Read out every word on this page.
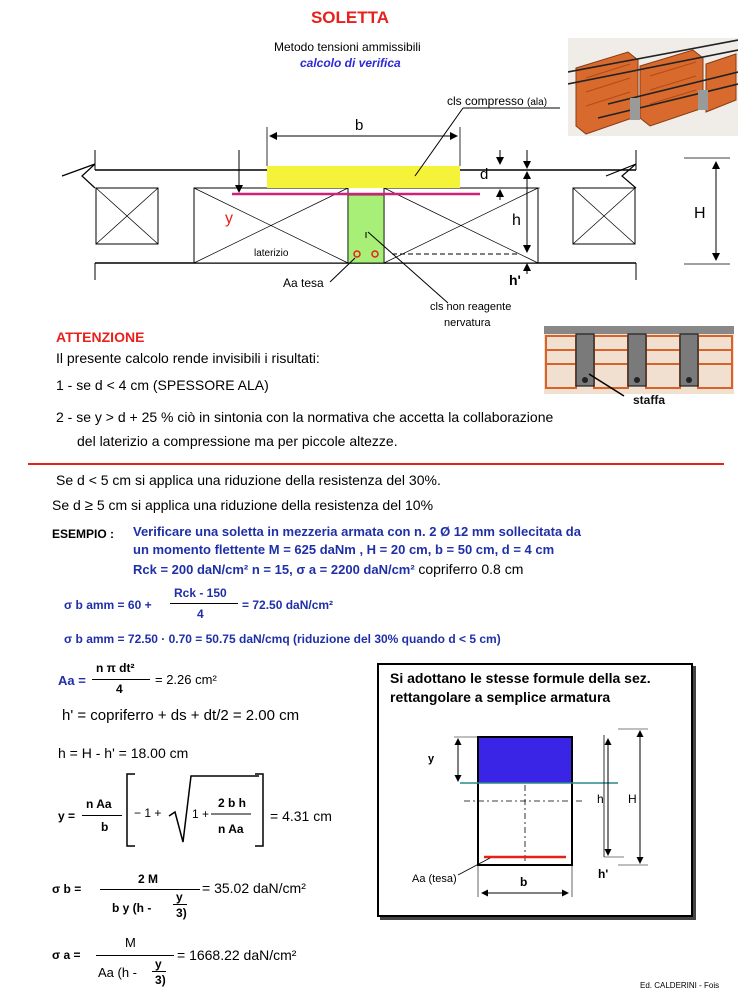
SOLETTA
Metodo tensioni ammissibili
calcolo di verifica
cls compresso (ala)
b
d
y	h	H
h'
laterizio
Aa tesa
cls non reagente
nervatura
staffa
ATTENZIONE
Il presente calcolo rende invisibili i risultati:
1 - se d < 4 cm (SPESSORE ALA)
2 - se y > d + 25 % ciò in sintonia con la normativa che accetta la collaborazione
del laterizio a compressione ma per piccole altezze.
Se d < 5 cm si applica una riduzione della resistenza del 30%.
Se d ≥ 5 cm si applica una riduzione della resistenza del 10%
ESEMPIO : Verificare una soletta in mezzeria armata con n. 2 Ø 12 mm sollecitata da
un momento flettente M = 625 daNm , H = 20 cm, b = 50 cm, d = 4 cm
Rck = 200 daN/cm² n = 15, σ a = 2200 daN/cm² copriferro 0.8 cm
σ b amm = 60 +
Rck - 150
4
= 72.50 daN/cm²
σ b amm = 72.50 · 0.70 = 50.75 daN/cmq (riduzione del 30% quando d < 5 cm)
Aa =
n π dt²
4
= 2.26 cm²
h' = copriferro + ds + dt/2 = 2.00 cm
h = H - h' = 18.00 cm
y =
n Aa
b
− 1 +	1 +
2 b h
n Aa
= 4.31 cm
σ b =
2 M
b y (h -
y
3)
= 35.02 daN/cm²
σ a =
M
Aa (h -
y
3)
= 1668.22 daN/cm²
Si adottano le stesse formule della sez.
rettangolare a semplice armatura
y
h H
h'
Aa (tesa)	b
Ed. CALDERINI - Fois
